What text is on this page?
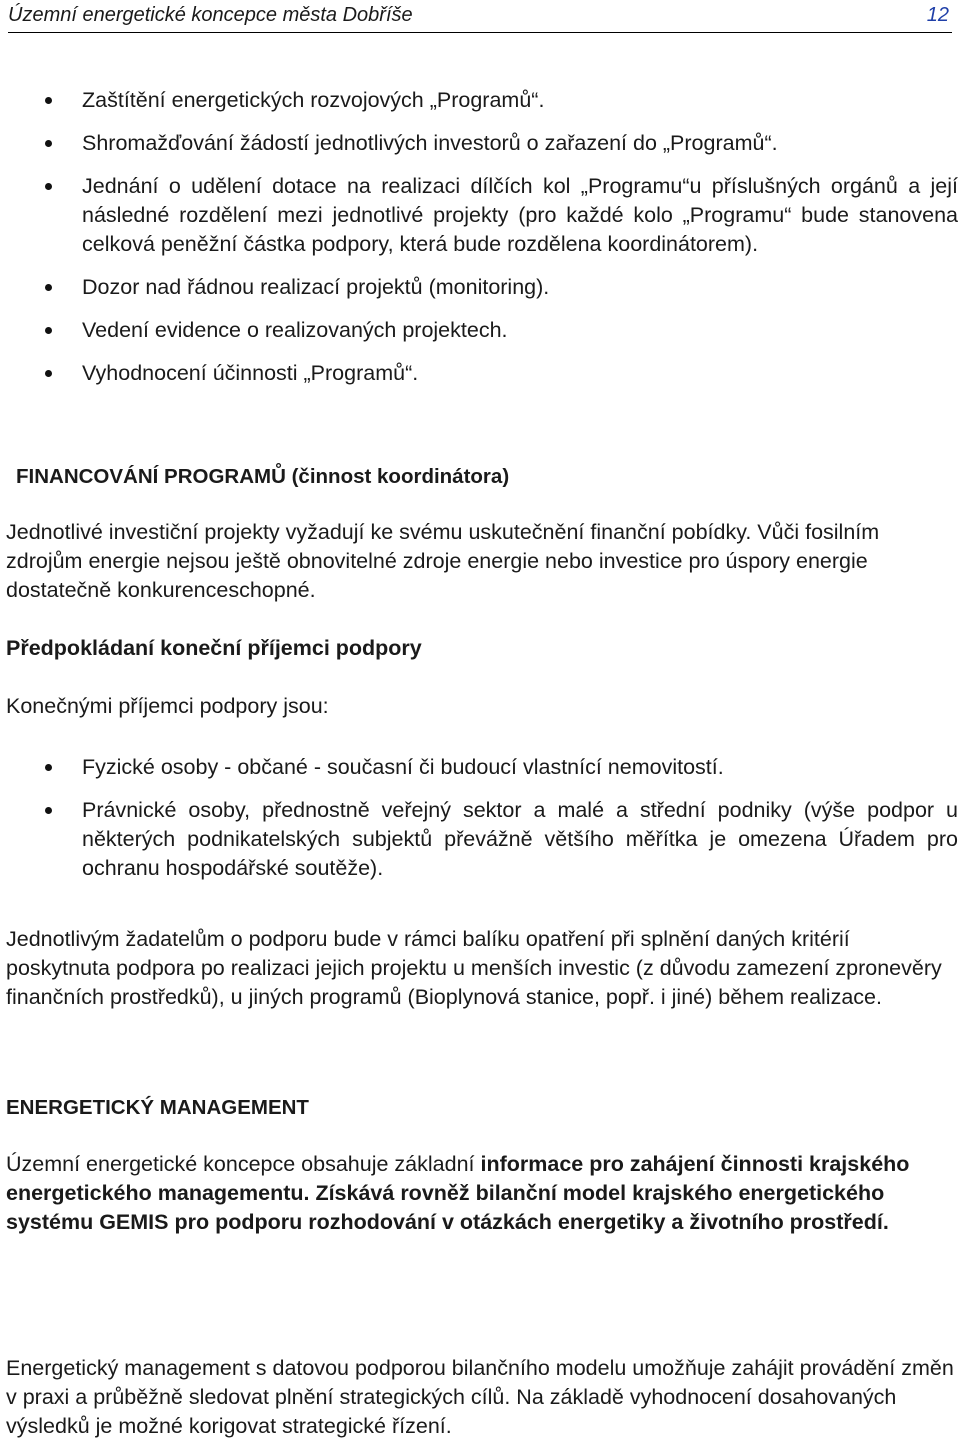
Územní energetické koncepce města Dobříše	12
Zaštítění energetických rozvojových „Programů“.
Shromažďování žádostí jednotlivých investorů o zařazení do „Programů“.
Jednání o udělení dotace na realizaci dílčích kol „Programu“u příslušných orgánů a její následné rozdělení mezi jednotlivé projekty (pro každé kolo „Programu“ bude stanovena celková peněžní částka podpory, která bude rozdělena koordinátorem).
Dozor nad řádnou realizací projektů (monitoring).
Vedení evidence o realizovaných projektech.
Vyhodnocení účinnosti „Programů“.
FINANCOVÁNÍ PROGRAMŮ (činnost koordinátora)
Jednotlivé investiční projekty vyžadují ke svému uskutečnění finanční pobídky. Vůči fosilním zdrojům energie nejsou ještě obnovitelné zdroje energie nebo investice pro úspory energie dostatečně konkurenceschopné.
Předpokládaní koneční příjemci podpory
Konečnými příjemci podpory jsou:
Fyzické osoby - občané - současní či budoucí vlastnící nemovitostí.
Právnické osoby, přednostně veřejný sektor a malé a střední podniky (výše podpor u některých podnikatelských subjektů převážně většího měřítka je omezena Úřadem pro ochranu hospodářské soutěže).
Jednotlivým žadatelům o podporu bude v rámci balíku opatření při splnění daných kritérií poskytnuta podpora po realizaci jejich projektu u menších investic (z důvodu zamezení zpronevěry finančních prostředků), u jiných programů (Bioplynová stanice, popř. i jiné) během realizace.
ENERGETICKÝ MANAGEMENT
Územní energetické koncepce obsahuje základní informace pro zahájení činnosti krajského energetického managementu. Získává rovněž bilanční model krajského energetického systému GEMIS pro podporu rozhodování v otázkách energetiky a životního prostředí.
Energetický management s datovou podporou bilančního modelu umožňuje zahájit provádění změn v praxi a průběžně sledovat plnění strategických cílů. Na základě vyhodnocení dosahovaných výsledků je možné korigovat strategické řízení.
